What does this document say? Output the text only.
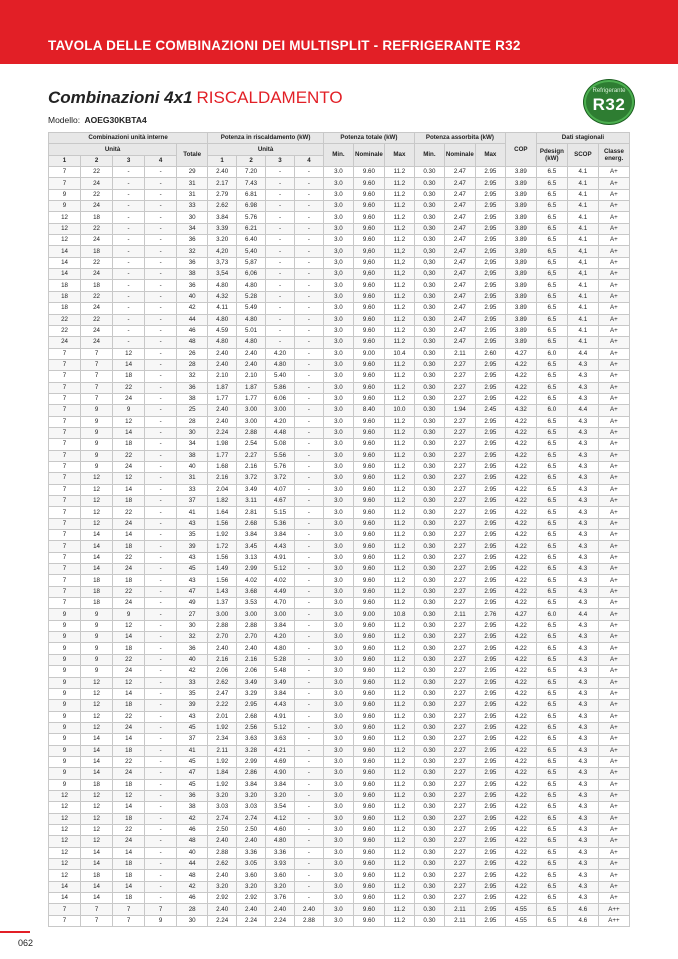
TAVOLA DELLE COMBINAZIONI DEI MULTISPLIT - REFRIGERANTE R32
Combinazioni 4x1 RISCALDAMENTO	Refrigerante
R32
Modello: AOEG30KBTA4
Combinazioni unità interne					Potenza in riscaldamento (kW)				Potenza totale (kW)			Potenza assorbita (kW)			COP	Dati stagionali		
Unità				Totale	Unità				Min.	Nominale	Max	Min.	Nominale	Max		Pdesign (kW)	SCOP	Classe energ.
1	2	3	4		1	2	3	4										
7	22	-	-	29	2.40	7.20	-	-	3.0	9.60	11.2	0.30	2.47	2.95	3.89	6.5	4.1	A+
7	24	-	-	31	2.17	7.43	-	-	3.0	9.60	11.2	0.30	2.47	2.95	3.89	6.5	4.1	A+
9	22	-	-	31	2.79	6.81	-	-	3.0	9.60	11.2	0.30	2.47	2.95	3.89	6.5	4.1	A+
9	24	-	-	33	2.62	6.98	-	-	3.0	9.60	11.2	0.30	2.47	2.95	3.89	6.5	4.1	A+
12	18	-	-	30	3.84	5.76	-	-	3.0	9.60	11.2	0.30	2.47	2.95	3.89	6.5	4.1	A+
12	22	-	-	34	3.39	6.21	-	-	3.0	9.60	11.2	0.30	2.47	2.95	3.89	6.5	4.1	A+
12	24	-	-	36	3.20	6.40	-	-	3.0	9.60	11.2	0.30	2.47	2.95	3.89	6.5	4.1	A+
14	18	-	-	32	4,20	5,40	-	-	3,0	9,60	11,2	0,30	2,47	2,95	3,89	6,5	4,1	A+
14	22	-	-	36	3,73	5,87	-	-	3,0	9,60	11,2	0,30	2,47	2,95	3,89	6,5	4,1	A+
14	24	-	-	38	3,54	6,06	-	-	3,0	9,60	11,2	0,30	2,47	2,95	3,89	6,5	4,1	A+
18	18	-	-	36	4.80	4.80	-	-	3.0	9.60	11.2	0.30	2.47	2.95	3.89	6.5	4.1	A+
18	22	-	-	40	4.32	5.28	-	-	3.0	9.60	11.2	0.30	2.47	2.95	3.89	6.5	4.1	A+
18	24	-	-	42	4.11	5.49	-	-	3.0	9.60	11.2	0.30	2.47	2.95	3.89	6.5	4.1	A+
22	22	-	-	44	4.80	4.80	-	-	3.0	9.60	11.2	0.30	2.47	2.95	3.89	6.5	4.1	A+
22	24	-	-	46	4.59	5.01	-	-	3.0	9.60	11.2	0.30	2.47	2.95	3.89	6.5	4.1	A+
24	24	-	-	48	4.80	4.80	-	-	3.0	9.60	11.2	0.30	2.47	2.95	3.89	6.5	4.1	A+
7	7	12	-	26	2.40	2.40	4.20	-	3.0	9.00	10.4	0.30	2.11	2.60	4.27	6.0	4.4	A+
7	7	14	-	28	2.40	2.40	4.80	-	3.0	9.60	11.2	0.30	2.27	2.95	4.22	6.5	4.3	A+
7	7	18	-	32	2.10	2.10	5.40	-	3.0	9.60	11.2	0.30	2.27	2.95	4.22	6.5	4.3	A+
7	7	22	-	36	1.87	1.87	5.86	-	3.0	9.60	11.2	0.30	2.27	2.95	4.22	6.5	4.3	A+
7	7	24	-	38	1.77	1.77	6.06	-	3.0	9.60	11.2	0.30	2.27	2.95	4.22	6.5	4.3	A+
7	9	9	-	25	2.40	3.00	3.00	-	3.0	8.40	10.0	0.30	1.94	2.45	4.32	6.0	4.4	A+
7	9	12	-	28	2.40	3.00	4.20	-	3.0	9.60	11.2	0.30	2.27	2.95	4.22	6.5	4.3	A+
7	9	14	-	30	2.24	2.88	4.48	-	3.0	9.60	11.2	0.30	2.27	2.95	4.22	6.5	4.3	A+
7	9	18	-	34	1.98	2.54	5.08	-	3.0	9.60	11.2	0.30	2.27	2.95	4.22	6.5	4.3	A+
7	9	22	-	38	1.77	2.27	5.56	-	3.0	9.60	11.2	0.30	2.27	2.95	4.22	6.5	4.3	A+
7	9	24	-	40	1.68	2.16	5.76	-	3.0	9.60	11.2	0.30	2.27	2.95	4.22	6.5	4.3	A+
7	12	12	-	31	2.16	3.72	3.72	-	3.0	9.60	11.2	0.30	2.27	2.95	4.22	6.5	4.3	A+
7	12	14	-	33	2.04	3.49	4.07	-	3.0	9.60	11.2	0.30	2.27	2.95	4.22	6.5	4.3	A+
7	12	18	-	37	1.82	3.11	4.67	-	3.0	9.60	11.2	0.30	2.27	2.95	4.22	6.5	4.3	A+
7	12	22	-	41	1.64	2.81	5.15	-	3.0	9.60	11.2	0.30	2.27	2.95	4.22	6.5	4.3	A+
7	12	24	-	43	1.56	2.68	5.36	-	3.0	9.60	11.2	0.30	2.27	2.95	4.22	6.5	4.3	A+
7	14	14	-	35	1.92	3.84	3.84	-	3.0	9.60	11.2	0.30	2.27	2.95	4.22	6.5	4.3	A+
7	14	18	-	39	1.72	3.45	4.43	-	3.0	9.60	11.2	0.30	2.27	2.95	4.22	6.5	4.3	A+
7	14	22	-	43	1.56	3.13	4.91	-	3.0	9.60	11.2	0.30	2.27	2.95	4.22	6.5	4.3	A+
7	14	24	-	45	1.49	2.99	5.12	-	3.0	9.60	11.2	0.30	2.27	2.95	4.22	6.5	4.3	A+
7	18	18	-	43	1.56	4.02	4.02	-	3.0	9.60	11.2	0.30	2.27	2.95	4.22	6.5	4.3	A+
7	18	22	-	47	1.43	3.68	4.49	-	3.0	9.60	11.2	0.30	2.27	2.95	4.22	6.5	4.3	A+
7	18	24	-	49	1.37	3.53	4.70	-	3.0	9.60	11.2	0.30	2.27	2.95	4.22	6.5	4.3	A+
9	9	9	-	27	3.00	3.00	3.00	-	3.0	9.00	10.8	0.30	2.11	2.76	4.27	6.0	4.4	A+
9	9	12	-	30	2.88	2.88	3.84	-	3.0	9.60	11.2	0.30	2.27	2.95	4.22	6.5	4.3	A+
9	9	14	-	32	2.70	2.70	4.20	-	3.0	9.60	11.2	0.30	2.27	2.95	4.22	6.5	4.3	A+
9	9	18	-	36	2.40	2.40	4.80	-	3.0	9.60	11.2	0.30	2.27	2.95	4.22	6.5	4.3	A+
9	9	22	-	40	2.16	2.16	5.28	-	3.0	9.60	11.2	0.30	2.27	2.95	4.22	6.5	4.3	A+
9	9	24	-	42	2.06	2.06	5.48	-	3.0	9.60	11.2	0.30	2.27	2.95	4.22	6.5	4.3	A+
9	12	12	-	33	2.62	3.49	3.49	-	3.0	9.60	11.2	0.30	2.27	2.95	4.22	6.5	4.3	A+
9	12	14	-	35	2.47	3.29	3.84	-	3.0	9.60	11.2	0.30	2.27	2.95	4.22	6.5	4.3	A+
9	12	18	-	39	2.22	2.95	4.43	-	3.0	9.60	11.2	0.30	2.27	2.95	4.22	6.5	4.3	A+
9	12	22	-	43	2.01	2.68	4.91	-	3.0	9.60	11.2	0.30	2.27	2.95	4.22	6.5	4.3	A+
9	12	24	-	45	1.92	2.56	5.12	-	3.0	9.60	11.2	0.30	2.27	2.95	4.22	6.5	4.3	A+
9	14	14	-	37	2.34	3.63	3.63	-	3.0	9.60	11.2	0.30	2.27	2.95	4.22	6.5	4.3	A+
9	14	18	-	41	2.11	3.28	4.21	-	3.0	9.60	11.2	0.30	2.27	2.95	4.22	6.5	4.3	A+
9	14	22	-	45	1.92	2.99	4.69	-	3.0	9.60	11.2	0.30	2.27	2.95	4.22	6.5	4.3	A+
9	14	24	-	47	1.84	2.86	4.90	-	3.0	9.60	11.2	0.30	2.27	2.95	4.22	6.5	4.3	A+
9	18	18	-	45	1.92	3.84	3.84	-	3.0	9.60	11.2	0.30	2.27	2.95	4.22	6.5	4.3	A+
12	12	12	-	36	3.20	3.20	3.20	-	3.0	9.60	11.2	0.30	2.27	2.95	4.22	6.5	4.3	A+
12	12	14	-	38	3.03	3.03	3.54	-	3.0	9.60	11.2	0.30	2.27	2.95	4.22	6.5	4.3	A+
12	12	18	-	42	2.74	2.74	4.12	-	3.0	9.60	11.2	0.30	2.27	2.95	4.22	6.5	4.3	A+
12	12	22	-	46	2.50	2.50	4.60	-	3.0	9.60	11.2	0.30	2.27	2.95	4.22	6.5	4.3	A+
12	12	24	-	48	2.40	2.40	4.80	-	3.0	9.60	11.2	0.30	2.27	2.95	4.22	6.5	4.3	A+
12	14	14	-	40	2.88	3.36	3.36	-	3.0	9.60	11.2	0.30	2.27	2.95	4.22	6.5	4.3	A+
12	14	18	-	44	2.62	3.05	3.93	-	3.0	9.60	11.2	0.30	2.27	2.95	4.22	6.5	4.3	A+
12	18	18	-	48	2.40	3.60	3.60	-	3.0	9.60	11.2	0.30	2.27	2.95	4.22	6.5	4.3	A+
14	14	14	-	42	3.20	3.20	3.20	-	3.0	9.60	11.2	0.30	2.27	2.95	4.22	6.5	4.3	A+
14	14	18	-	46	2.92	2.92	3.76	-	3.0	9.60	11.2	0.30	2.27	2.95	4.22	6.5	4.3	A+
7	7	7	7	28	2.40	2.40	2.40	2.40	3.0	9.60	11.2	0.30	2.11	2.95	4.55	6.5	4.6	A++
7	7	7	9	30	2.24	2.24	2.24	2.88	3.0	9.60	11.2	0.30	2.11	2.95	4.55	6.5	4.6	A++
062
